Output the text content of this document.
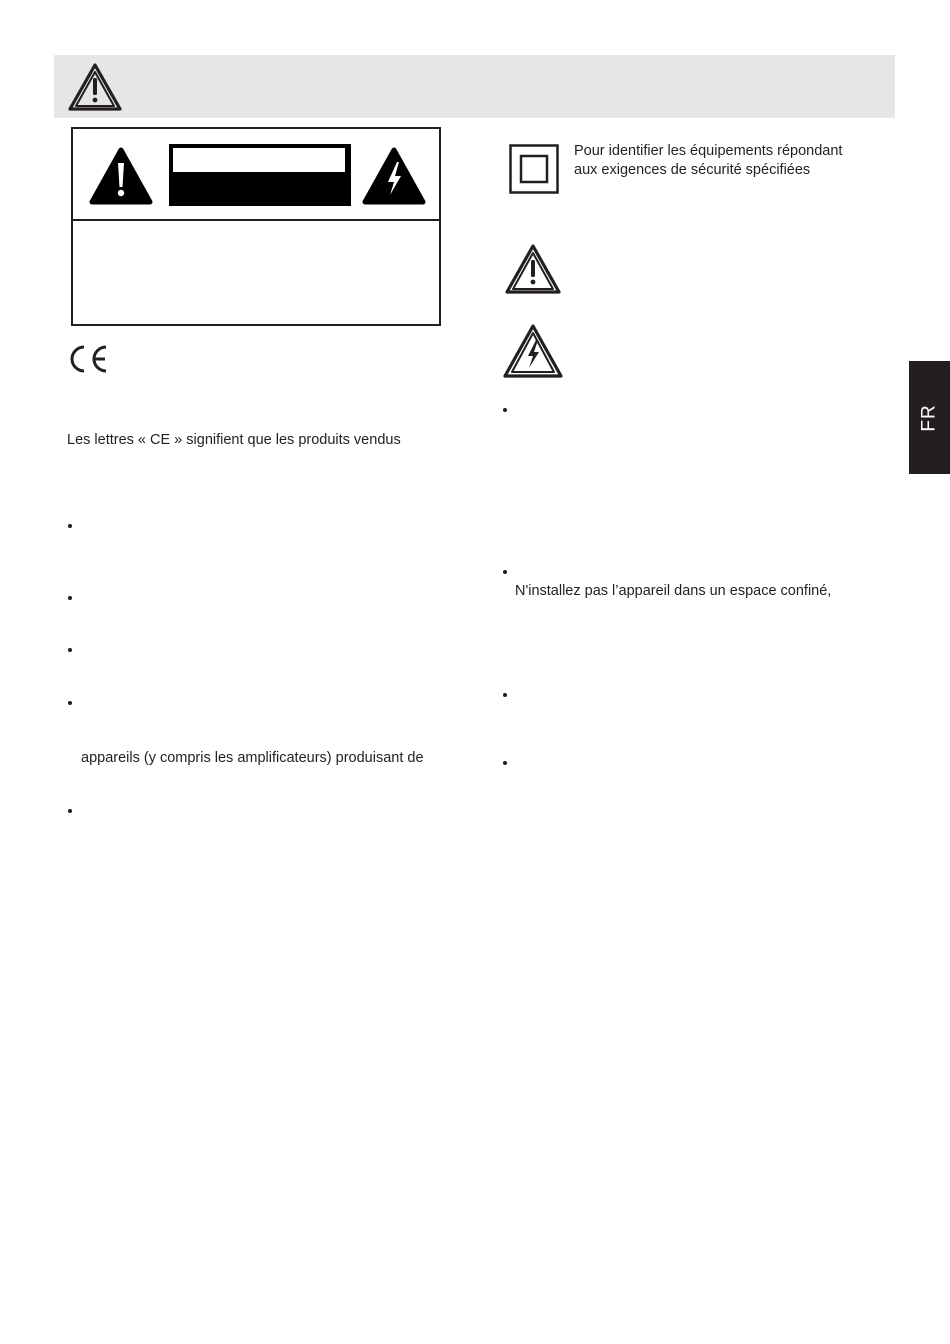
Les lettres « CE » signifient que les produits vendus
appareils (y compris les amplificateurs) produisant de
Pour identifier les équipements répondant
aux exigences de sécurité spécifiées
N'installez pas l’appareil dans un espace confiné,
FR
